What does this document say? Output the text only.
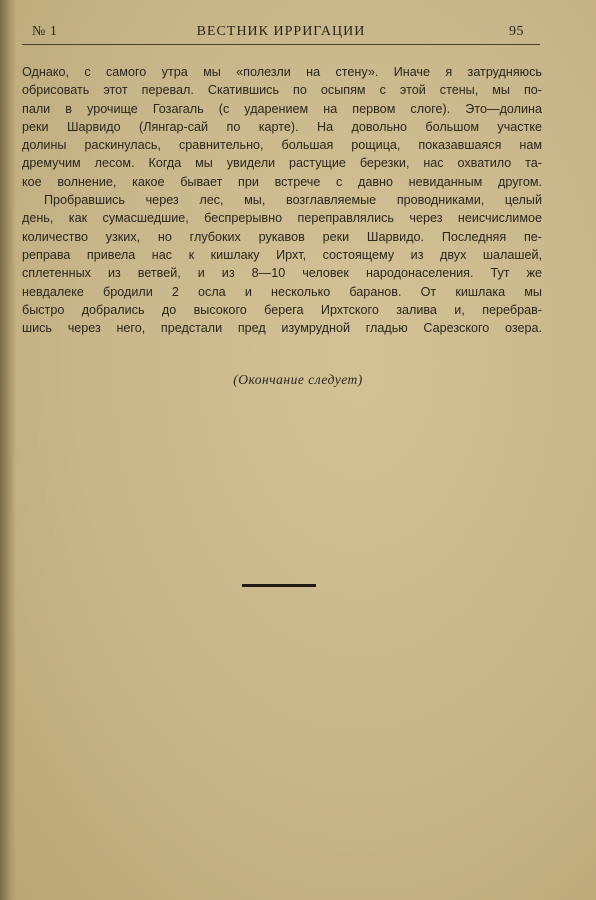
№ 1	ВЕСТНИК ИРРИГАЦИИ	95
Однако, с самого утра мы «полезли на стену». Иначе я затрудняюсь
обрисовать этот перевал. Скатившись по осыпям с этой стены, мы по-
пали в урочище Гозагаль (с ударением на первом слоге). Это—долина
реки Шарвидо (Лянгар-сай по карте). На довольно большом участке
долины раскинулась, сравнительно, большая рощица, показавшаяся нам
дремучим лесом. Когда мы увидели растущие березки, нас охватило та-
кое волнение, какое бывает при встрече с давно невиданным другом.
Пробравшись через лес, мы, возглавляемые проводниками, целый
день, как сумасшедшие, беспрерывно переправлялись через неисчислимое
количество узких, но глубоких рукавов реки Шарвидо. Последняя пе-
реправа привела нас к кишлаку Ирхт, состоящему из двух шалашей,
сплетенных из ветвей, и из 8—10 человек народонаселения. Тут же
невдалеке бродили 2 осла и несколько баранов. От кишлака мы
быстро добрались до высокого берега Ирхтского залива и, перебрав-
шись через него, предстали пред изумрудной гладью Сарезского озера.
(Окончание следует)
